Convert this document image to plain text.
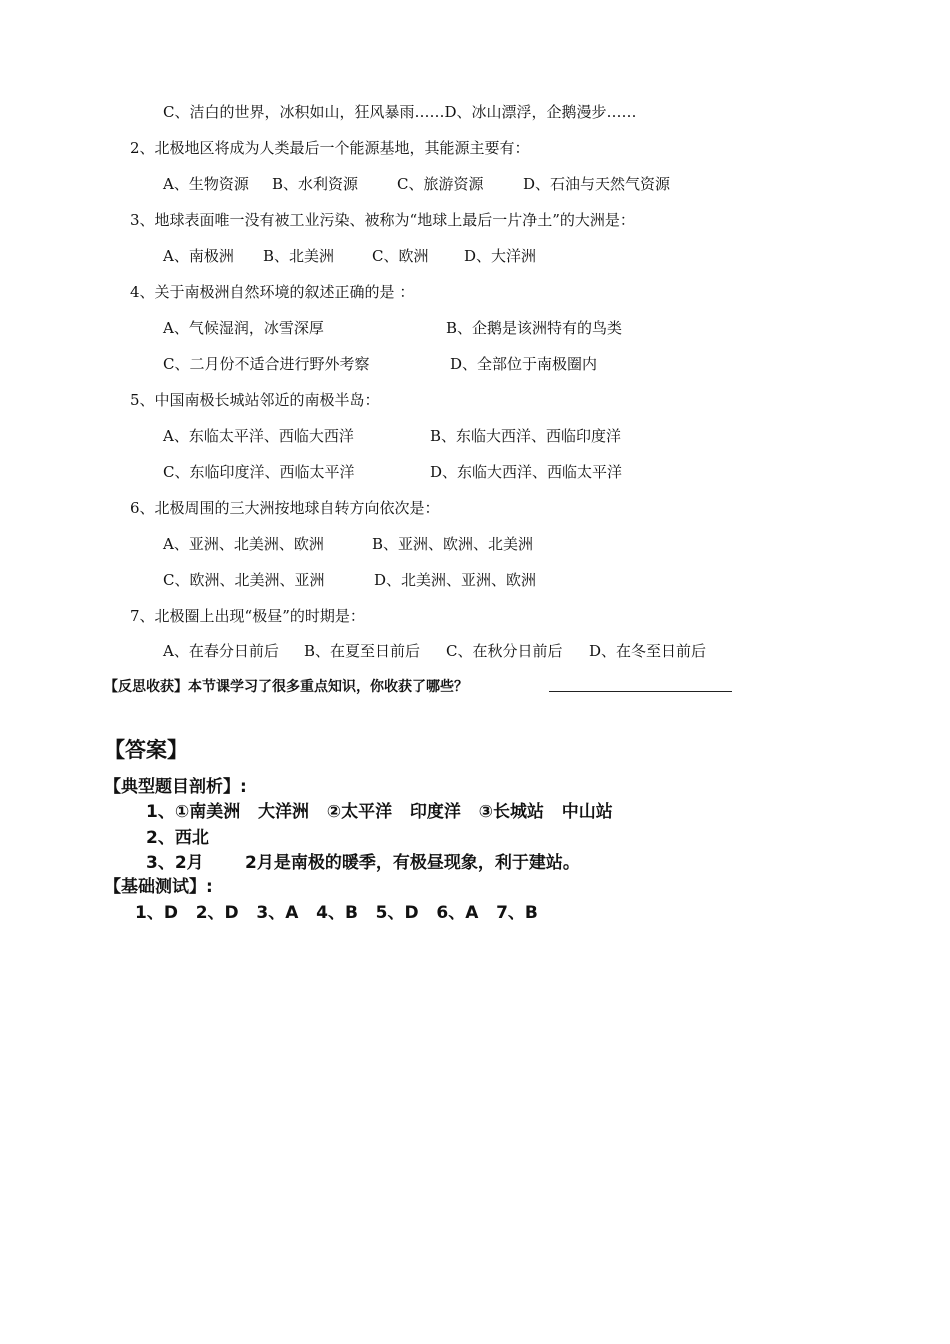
C、洁白的世界，冰积如山，狂风暴雨……D、冰山漂浮，企鹅漫步……
2、北极地区将成为人类最后一个能源基地，其能源主要有：
A、生物资源 B、水利资源	C、旅游资源	D、石油与天然气资源
3、地球表面唯一没有被工业污染、被称为“地球上最后一片净土”的大洲是：
A、南极洲 B、北美洲	C、欧洲 D、大洋洲
4、关于南极洲自然环境的叙述正确的是 ：
A、气候湿润，冰雪深厚	B、企鹅是该洲特有的鸟类
C、二月份不适合进行野外考察	D、全部位于南极圈内
5、中国南极长城站邻近的南极半岛：
A、东临太平洋、西临大西洋	B、东临大西洋、西临印度洋
C、东临印度洋、西临太平洋	D、东临大西洋、西临太平洋
6、北极周围的三大洲按地球自转方向依次是：
A、亚洲、北美洲、欧洲	B、亚洲、欧洲、北美洲
C、欧洲、北美洲、亚洲	D、北美洲、亚洲、欧洲
7、北极圈上出现“极昼”的时期是：
A、在春分日前后 B、在夏至日前后 C、在秋分日前后 D、在冬至日前后
【反思收获】本节课学习了很多重点知识，你收获了哪些？
【答案】
【典型题目剖析】:
1、①南美洲   大洋洲   ②太平洋   印度洋   ③长城站   中山站
2、西北
3、2月 2月是南极的暖季，有极昼现象，利于建站。
【基础测试】:
1、D   2、D   3、A   4、B   5、D   6、A   7、B
